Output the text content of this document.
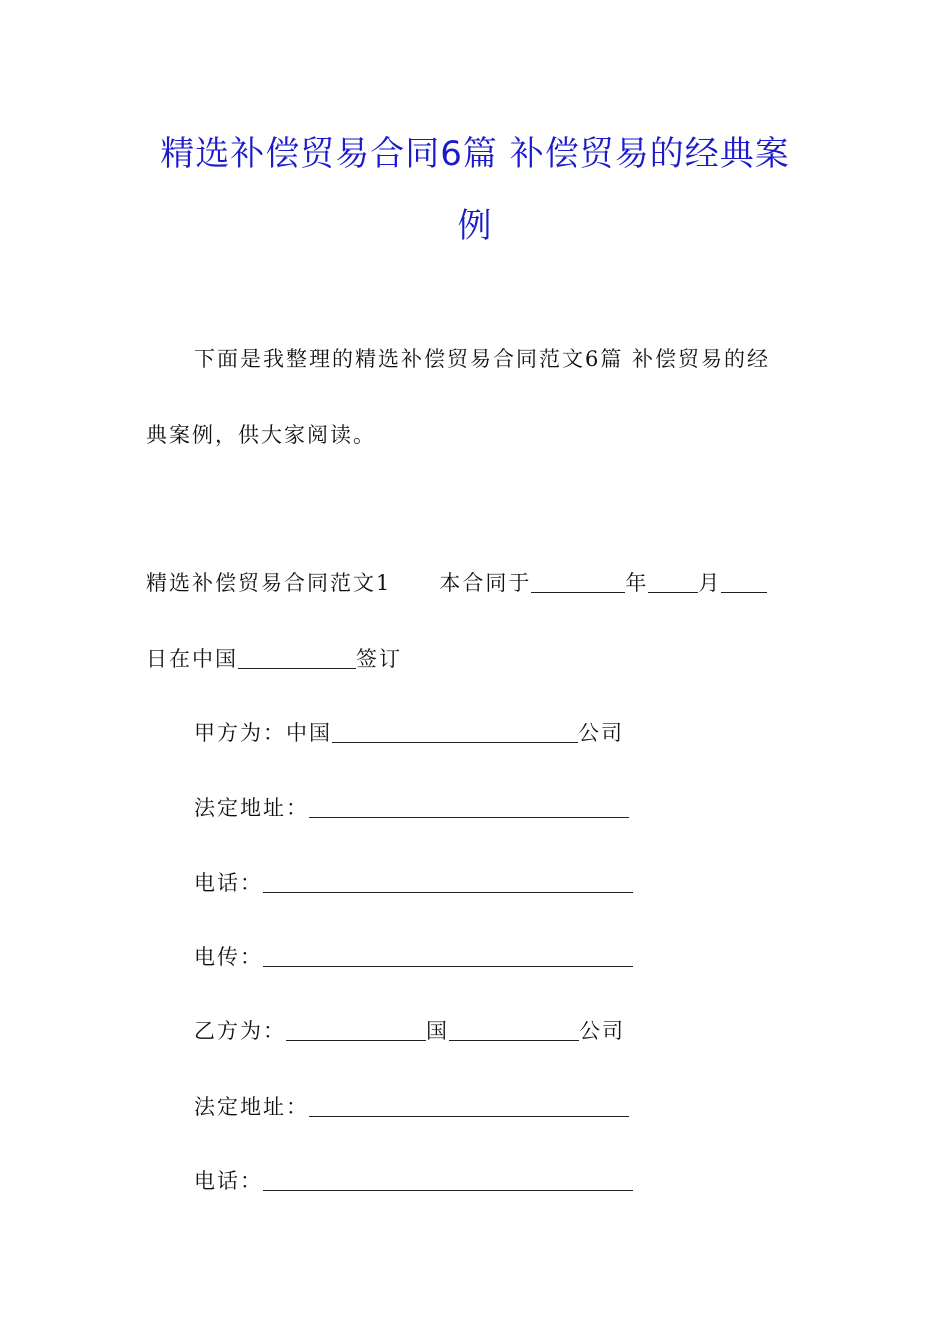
精选补偿贸易合同6篇 补偿贸易的经典案
例
下面是我整理的精选补偿贸易合同范文6篇 补偿贸易的经
典案例，供大家阅读。
精选补偿贸易合同范文1 本合同于	年 月
日在中国	签订
甲方为：中国	公司
法定地址：
电话：
电传：
乙方为：	国	公司
法定地址：
电话：
